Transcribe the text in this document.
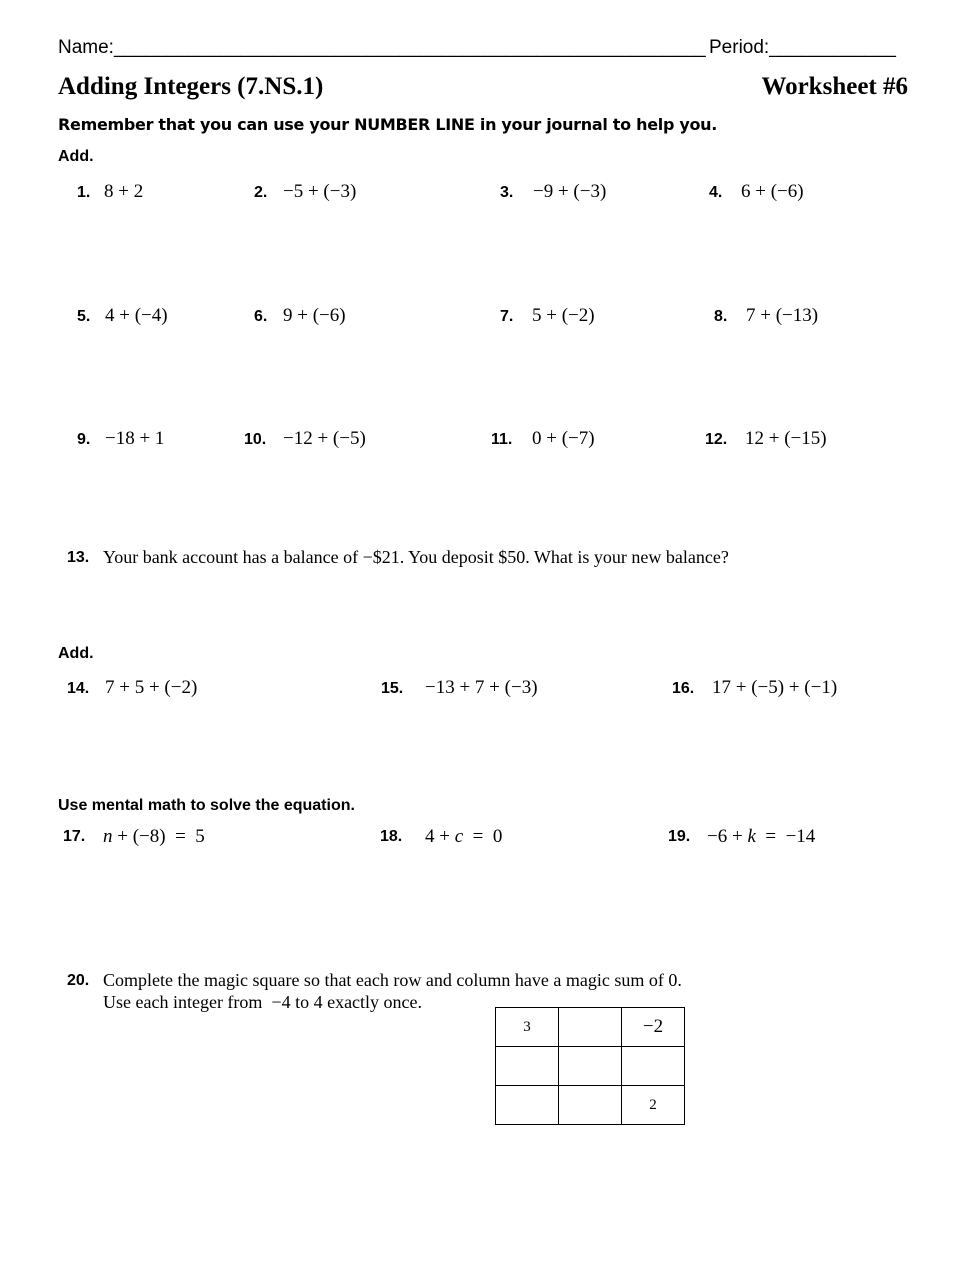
Name:________________________________________________________ Period:____________
Adding Integers (7.NS.1)	Worksheet #6
Remember that you can use your NUMBER LINE in your journal to help you.
Add.
1. 8 + 2	2. −5 + (−3)	3. −9 + (−3)	4. 6 + (−6)
5. 4 + (−4)	6. 9 + (−6)	7. 5 + (−2)	8. 7 + (−13)
9. −18 + 1	10. −12 + (−5)	11. 0 + (−7)	12. 12 + (−15)
13. Your bank account has a balance of −$21. You deposit $50. What is your new balance?
Add.
14. 7 + 5 + (−2)	15. −13 + 7 + (−3)	16. 17 + (−5) + (−1)
Use mental math to solve the equation.
17. n + (−8)  =  5	18. 4 + c  =  0	19. −6 + k  =  −14
20. Complete the magic square so that each row and column have a magic sum of 0.
Use each integer from  −4 to 4 exactly once.
3		−2

		2
